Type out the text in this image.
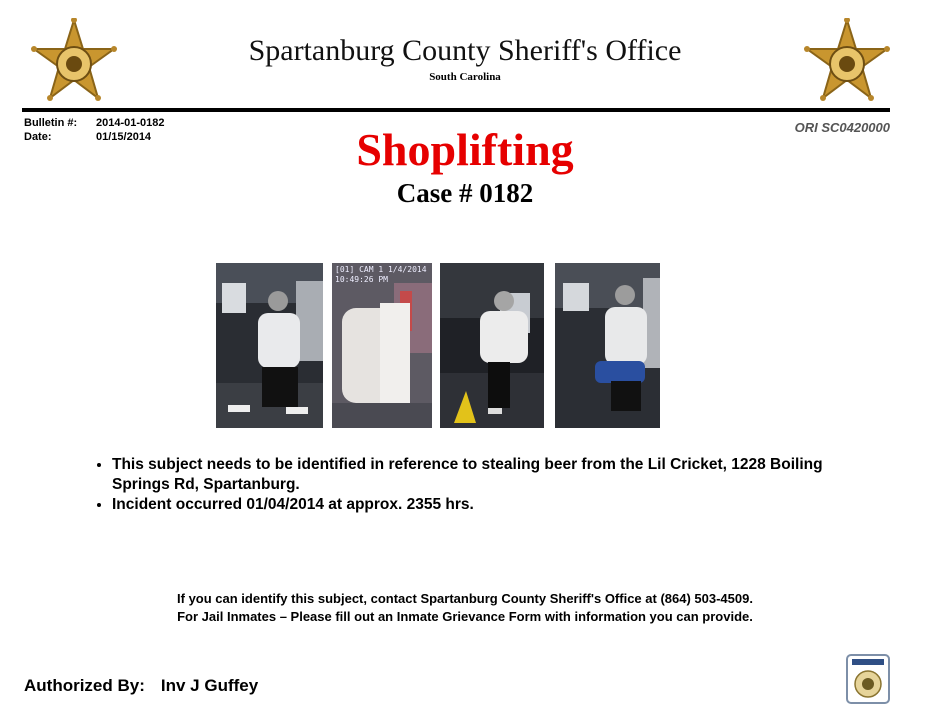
Spartanburg County Sheriff's Office
South Carolina
Bulletin #: 2014-01-0182
Date:	01/15/2014
ORI SC0420000
Shoplifting
Case # 0182
[01] CAM 1 1/4/2014 10:49:26 PM
• This subject needs to be identified in reference to stealing beer from the Lil Cricket, 1228 Boiling Springs Rd, Spartanburg.
• Incident occurred 01/04/2014 at approx. 2355 hrs.
If you can identify this subject, contact Spartanburg County Sheriff's Office at (864) 503-4509.
For Jail Inmates – Please fill out an Inmate Grievance Form with information you can provide.
Authorized By: Inv J Guffey
